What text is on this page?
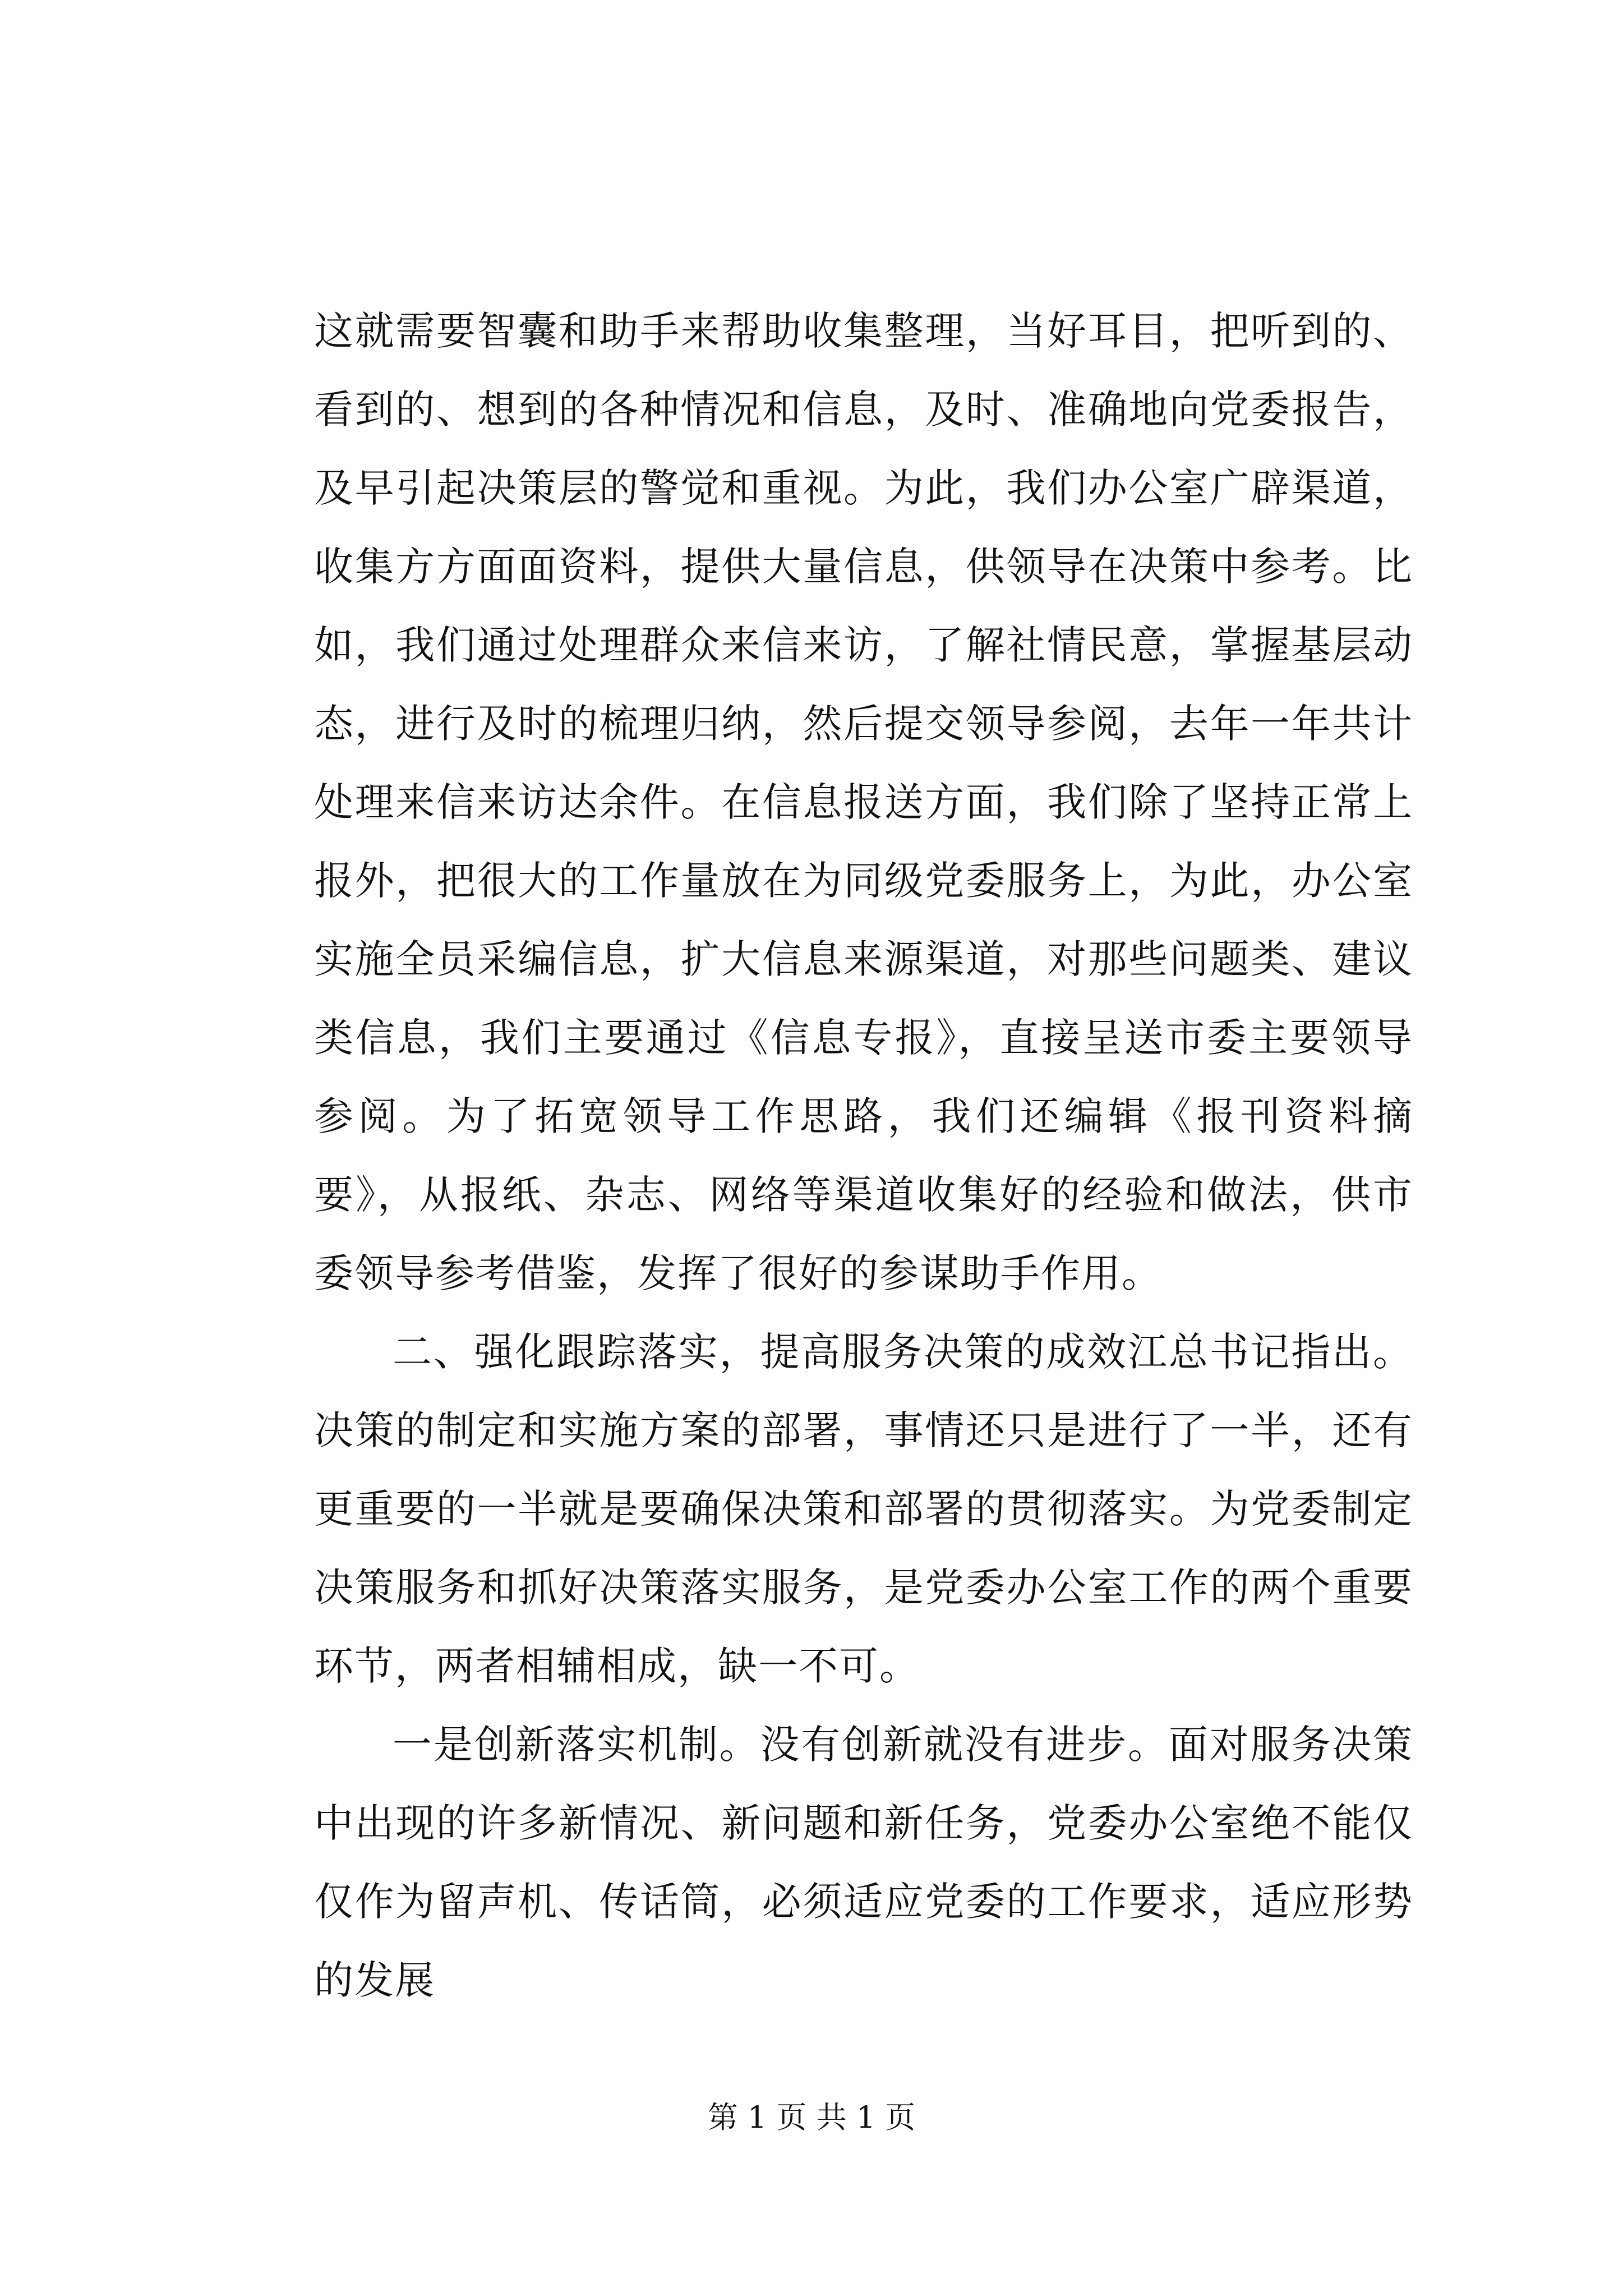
这就需要智囊和助手来帮助收集整理，当好耳目，把听到的、看到的、想到的各种情况和信息，及时、准确地向党委报告，及早引起决策层的警觉和重视。为此，我们办公室广辟渠道，收集方方面面资料，提供大量信息，供领导在决策中参考。比如，我们通过处理群众来信来访，了解社情民意，掌握基层动态，进行及时的梳理归纳，然后提交领导参阅，去年一年共计处理来信来访达余件。在信息报送方面，我们除了坚持正常上报外，把很大的工作量放在为同级党委服务上，为此，办公室实施全员采编信息，扩大信息来源渠道，对那些问题类、建议类信息，我们主要通过《信息专报》，直接呈送市委主要领导参阅。为了拓宽领导工作思路，我们还编辑《报刊资料摘要》，从报纸、杂志、网络等渠道收集好的经验和做法，供市委领导参考借鉴，发挥了很好的参谋助手作用。

二、强化跟踪落实，提高服务决策的成效江总书记指出。决策的制定和实施方案的部署，事情还只是进行了一半，还有更重要的一半就是要确保决策和部署的贯彻落实。为党委制定决策服务和抓好决策落实服务，是党委办公室工作的两个重要环节，两者相辅相成，缺一不可。

一是创新落实机制。没有创新就没有进步。面对服务决策中出现的许多新情况、新问题和新任务，党委办公室绝不能仅仅作为留声机、传话筒，必须适应党委的工作要求，适应形势的发展

第 1 页 共 1 页
